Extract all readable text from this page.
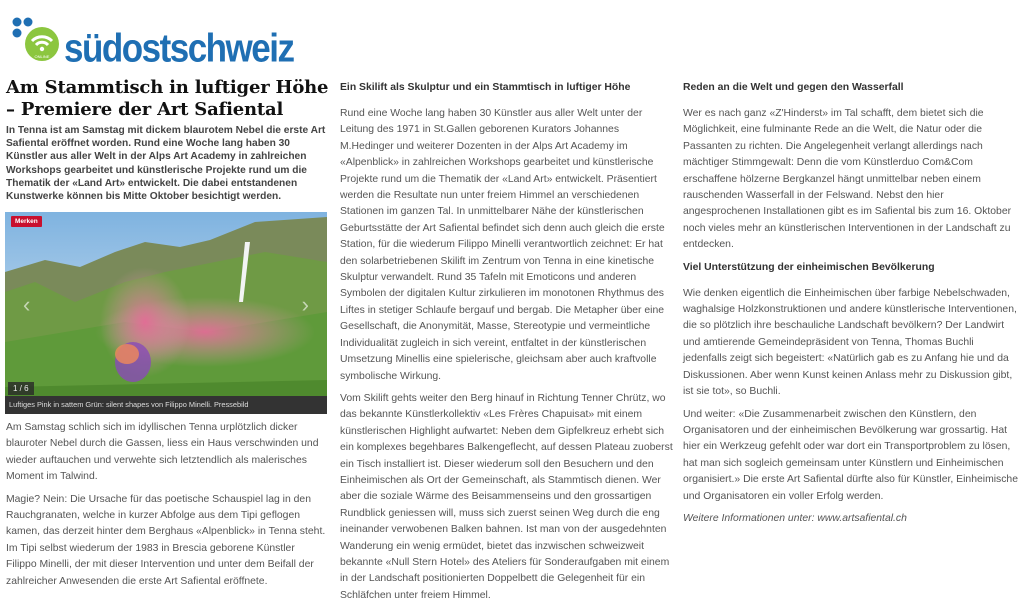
ONLINE südostschweiz
Am Stammtisch in luftiger Höhe – Premiere der Art Safiental

In Tenna ist am Samstag mit dickem blaurotem Nebel die erste Art Safiental eröffnet worden. Rund eine Woche lang haben 30 Künstler aus aller Welt in der Alps Art Academy in zahlreichen Workshops gearbeitet und künstlerische Projekte rund um die Thematik der «Land Art» entwickelt. Die dabei entstandenen Kunstwerke können bis Mitte Oktober besichtigt werden.

‹	›
Merken
1 / 6
Luftiges Pink in sattem Grün: silent shapes von Filippo Minelli. Pressebild

Am Samstag schlich sich im idyllischen Tenna urplötzlich dicker blauroter Nebel durch die Gassen, liess ein Haus verschwinden und wieder auftauchen und verwehte sich letztendlich als malerisches Moment im Talwind.

Magie? Nein: Die Ursache für das poetische Schauspiel lag in den Rauchgranaten, welche in kurzer Abfolge aus dem Tipi geflogen kamen, das derzeit hinter dem Berghaus «Alpenblick» in Tenna steht. Im Tipi selbst wiederum der 1983 in Brescia geborene Künstler Filippo Minelli, der mit dieser Intervention und unter dem Beifall der zahlreicher Anwesenden die erste Art Safiental eröffnete.

Ein Skilift als Skulptur und ein Stammtisch in luftiger Höhe

Rund eine Woche lang haben 30 Künstler aus aller Welt unter der Leitung des 1971 in St.Gallen geborenen Kurators Johannes M.Hedinger und weiterer Dozenten in der Alps Art Academy im «Alpenblick» in zahlreichen Workshops gearbeitet und künstlerische Projekte rund um die Thematik der «Land Art» entwickelt. Präsentiert werden die Resultate nun unter freiem Himmel an verschiedenen Stationen im ganzen Tal. In unmittelbarer Nähe der künstlerischen Geburtsstätte der Art Safiental befindet sich denn auch gleich die erste Station, für die wiederum Filippo Minelli verantwortlich zeichnet: Er hat den solarbetriebenen Skilift im Zentrum von Tenna in eine kinetische Skulptur verwandelt. Rund 35 Tafeln mit Emoticons und anderen Symbolen der digitalen Kultur zirkulieren im monotonen Rhythmus des Liftes in stetiger Schlaufe bergauf und bergab. Die Metapher über eine Gesellschaft, die Anonymität, Masse, Stereotypie und vermeintliche Individualität zugleich in sich vereint, entfaltet in der künstlerischen Umsetzung Minellis eine spielerische, gleichsam aber auch kraftvolle symbolische Wirkung.

Vom Skilift gehts weiter den Berg hinauf in Richtung Tenner Chrütz, wo das bekannte Künstlerkollektiv «Les Frères Chapuisat» mit einem künstlerischen Highlight aufwartet: Neben dem Gipfelkreuz erhebt sich ein komplexes begehbares Balkengeflecht, auf dessen Plateau zuoberst ein Tisch installiert ist. Dieser wiederum soll den Besuchern und den Einheimischen als Ort der Gemeinschaft, als Stammtisch dienen. Wer aber die soziale Wärme des Beisammenseins und den grossartigen Rundblick geniessen will, muss sich zuerst seinen Weg durch die eng ineinander verwobenen Balken bahnen. Ist man von der ausgedehnten Wanderung ein wenig ermüdet, bietet das inzwischen schweizweit bekannte «Null Stern Hotel» des Ateliers für Sonderaufgaben mit einem in der Landschaft positionierten Doppelbett die Gelegenheit für ein Schläfchen unter freiem Himmel.

Reden an die Welt und gegen den Wasserfall

Wer es nach ganz «Z'Hinderst» im Tal schafft, dem bietet sich die Möglichkeit, eine fulminante Rede an die Welt, die Natur oder die Passanten zu richten. Die Angelegenheit verlangt allerdings nach mächtiger Stimmgewalt: Denn die vom Künstlerduo Com&Com erschaffene hölzerne Bergkanzel hängt unmittelbar neben einem rauschenden Wasserfall in der Felswand. Nebst den hier angesprochenen Installationen gibt es im Safiental bis zum 16. Oktober noch vieles mehr an künstlerischen Interventionen in der Landschaft zu entdecken.

Viel Unterstützung der einheimischen Bevölkerung

Wie denken eigentlich die Einheimischen über farbige Nebelschwaden, waghalsige Holzkonstruktionen und andere künstlerische Interventionen, die so plötzlich ihre beschauliche Landschaft bevölkern? Der Landwirt und amtierende Gemeindepräsident von Tenna, Thomas Buchli jedenfalls zeigt sich begeistert: «Natürlich gab es zu Anfang hie und da Diskussionen. Aber wenn Kunst keinen Anlass mehr zu Diskussion gibt, ist sie tot», so Buchli.

Und weiter: «Die Zusammenarbeit zwischen den Künstlern, den Organisatoren und der einheimischen Bevölkerung war grossartig. Hat hier ein Werkzeug gefehlt oder war dort ein Transportproblem zu lösen, hat man sich sogleich gemeinsam unter Künstlern und Einheimischen organisiert.» Die erste Art Safiental dürfte also für Künstler, Einheimische und Organisatoren ein voller Erfolg werden.

Weitere Informationen unter: www.artsafiental.ch
